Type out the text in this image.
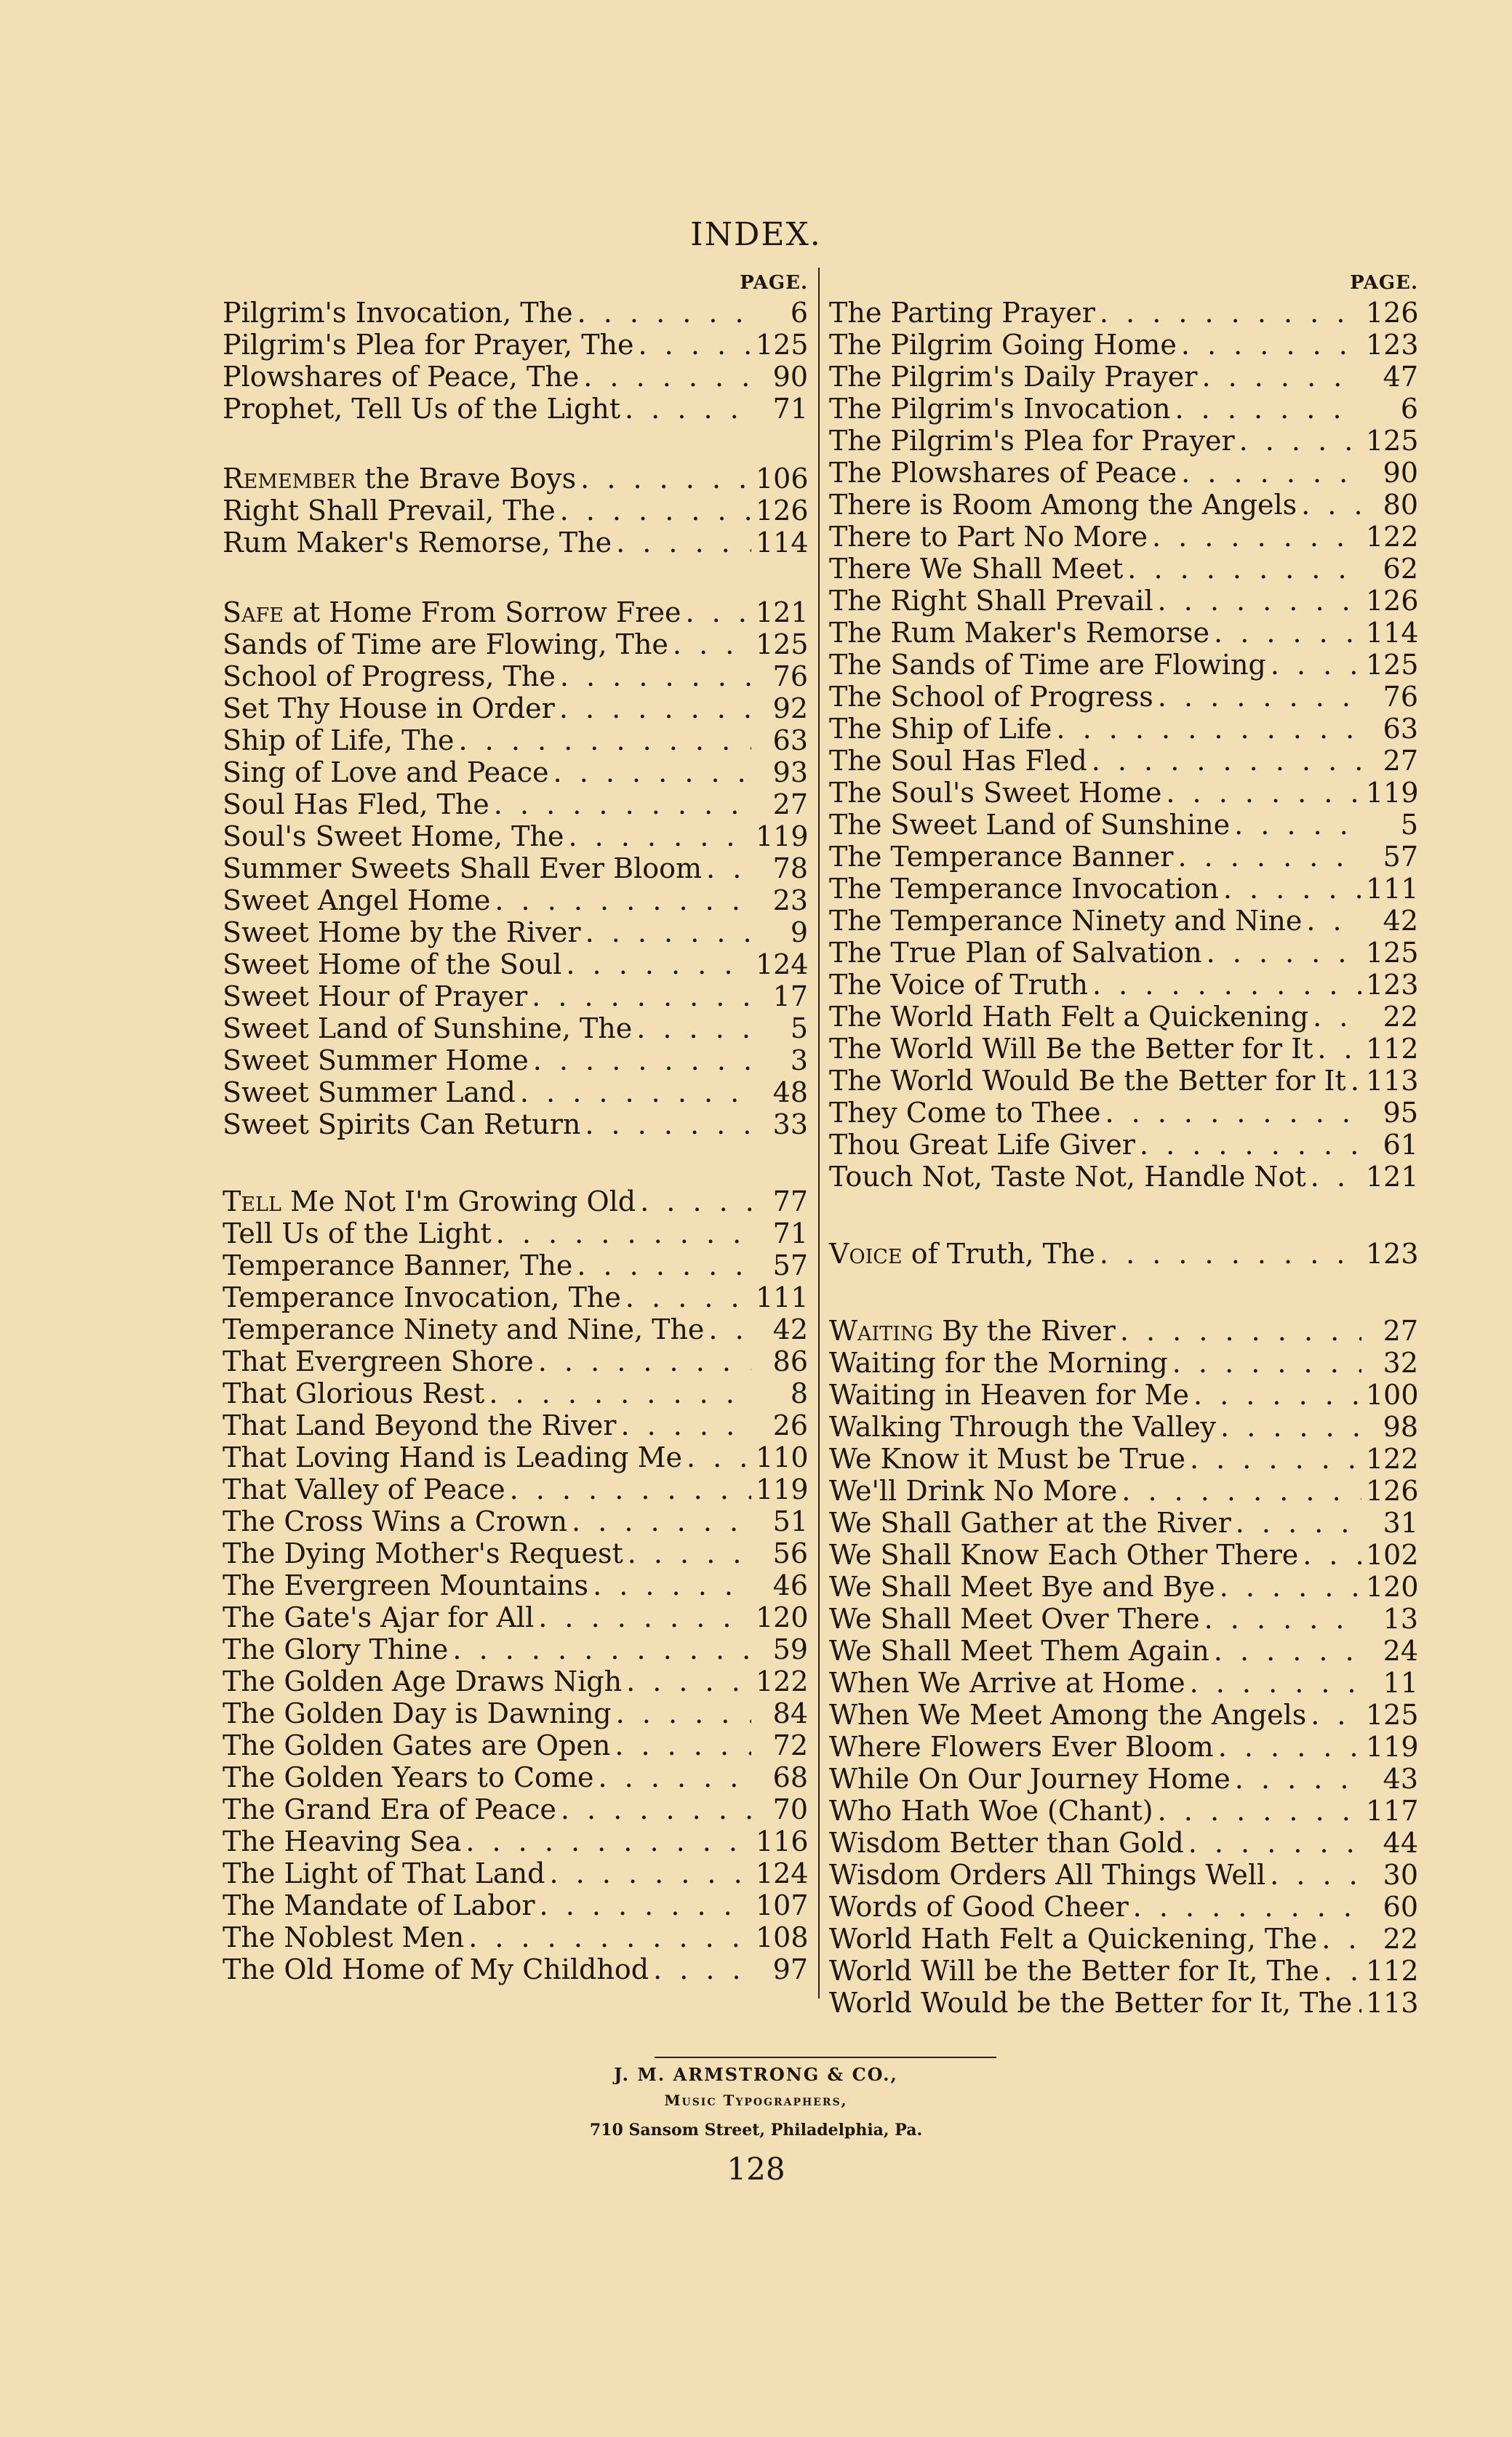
INDEX.
PAGE.
Pilgrim's Invocation, The . . .	6
Pilgrim's Plea for Prayer, The . . .	125
Plowshares of Peace, The . . .	90
Prophet, Tell Us of the Light . . .	71
Remember the Brave Boys . . .	106
Right Shall Prevail, The . . .	126
Rum Maker's Remorse, The . . .	114
Safe at Home From Sorrow Free . . .	121
Sands of Time are Flowing, The . . .	125
School of Progress, The . . .	76
Set Thy House in Order . . .	92
Ship of Life, The . . .	63
Sing of Love and Peace . . .	93
Soul Has Fled, The . . .	27
Soul's Sweet Home, The . . .	119
Summer Sweets Shall Ever Bloom . . .	78
Sweet Angel Home . . .	23
Sweet Home by the River . . .	9
Sweet Home of the Soul . . .	124
Sweet Hour of Prayer . . .	17
Sweet Land of Sunshine, The . . .	5
Sweet Summer Home . . .	3
Sweet Summer Land . . .	48
Sweet Spirits Can Return . . .	33
Tell Me Not I'm Growing Old . . .	77
Tell Us of the Light . . .	71
Temperance Banner, The . . .	57
Temperance Invocation, The . . .	111
Temperance Ninety and Nine, The . . .	42
That Evergreen Shore . . .	86
That Glorious Rest . . .	8
That Land Beyond the River . . .	26
That Loving Hand is Leading Me . . .	110
That Valley of Peace . . .	119
The Cross Wins a Crown . . .	51
The Dying Mother's Request . . .	56
The Evergreen Mountains . . .	46
The Gate's Ajar for All . . .	120
The Glory Thine . . .	59
The Golden Age Draws Nigh . . .	122
The Golden Day is Dawning . . .	84
The Golden Gates are Open . . .	72
The Golden Years to Come . . .	68
The Grand Era of Peace . . .	70
The Heaving Sea . . .	116
The Light of That Land . . .	124
The Mandate of Labor . . .	107
The Noblest Men . . .	108
The Old Home of My Childhod . . .	97
PAGE.
The Parting Prayer . . .	126
The Pilgrim Going Home . . .	123
The Pilgrim's Daily Prayer . . .	47
The Pilgrim's Invocation . . .	6
The Pilgrim's Plea for Prayer . . .	125
The Plowshares of Peace . . .	90
There is Room Among the Angels . . .	80
There to Part No More . . .	122
There We Shall Meet . . .	62
The Right Shall Prevail . . .	126
The Rum Maker's Remorse . . .	114
The Sands of Time are Flowing . . .	125
The School of Progress . . .	76
The Ship of Life . . .	63
The Soul Has Fled . . .	27
The Soul's Sweet Home . . .	119
The Sweet Land of Sunshine . . .	5
The Temperance Banner . . .	57
The Temperance Invocation . . .	111
The Temperance Ninety and Nine . . .	42
The True Plan of Salvation . . .	125
The Voice of Truth . . .	123
The World Hath Felt a Quickening . . .	22
The World Will Be the Better for It . . . 112
The World Would Be the Better for It . . . 113
They Come to Thee . . .	95
Thou Great Life Giver . . .	61
Touch Not, Taste Not, Handle Not . . . 121
Voice of Truth, The . . .	123
Waiting By the River . . .	27
Waiting for the Morning . . .	32
Waiting in Heaven for Me . . .	100
Walking Through the Valley . . .	98
We Know it Must be True . . .	122
We'll Drink No More . . .	126
We Shall Gather at the River . . .	31
We Shall Know Each Other There . . . 102
We Shall Meet Bye and Bye . . .	120
We Shall Meet Over There . . .	13
We Shall Meet Them Again . . .	24
When We Arrive at Home . . .	11
When We Meet Among the Angels . . . 125
Where Flowers Ever Bloom . . .	119
While On Our Journey Home . . .	43
Who Hath Woe (Chant) . . .	117
Wisdom Better than Gold . . .	44
Wisdom Orders All Things Well . . .	30
Words of Good Cheer . . .	60
World Hath Felt a Quickening, The . . .	22
World Will be the Better for It, The . . . 112
World Would be the Better for It, The . . . 113
J. M. ARMSTRONG & CO.,
Music Typographers,
710 Sansom Street, Philadelphia, Pa.
128
